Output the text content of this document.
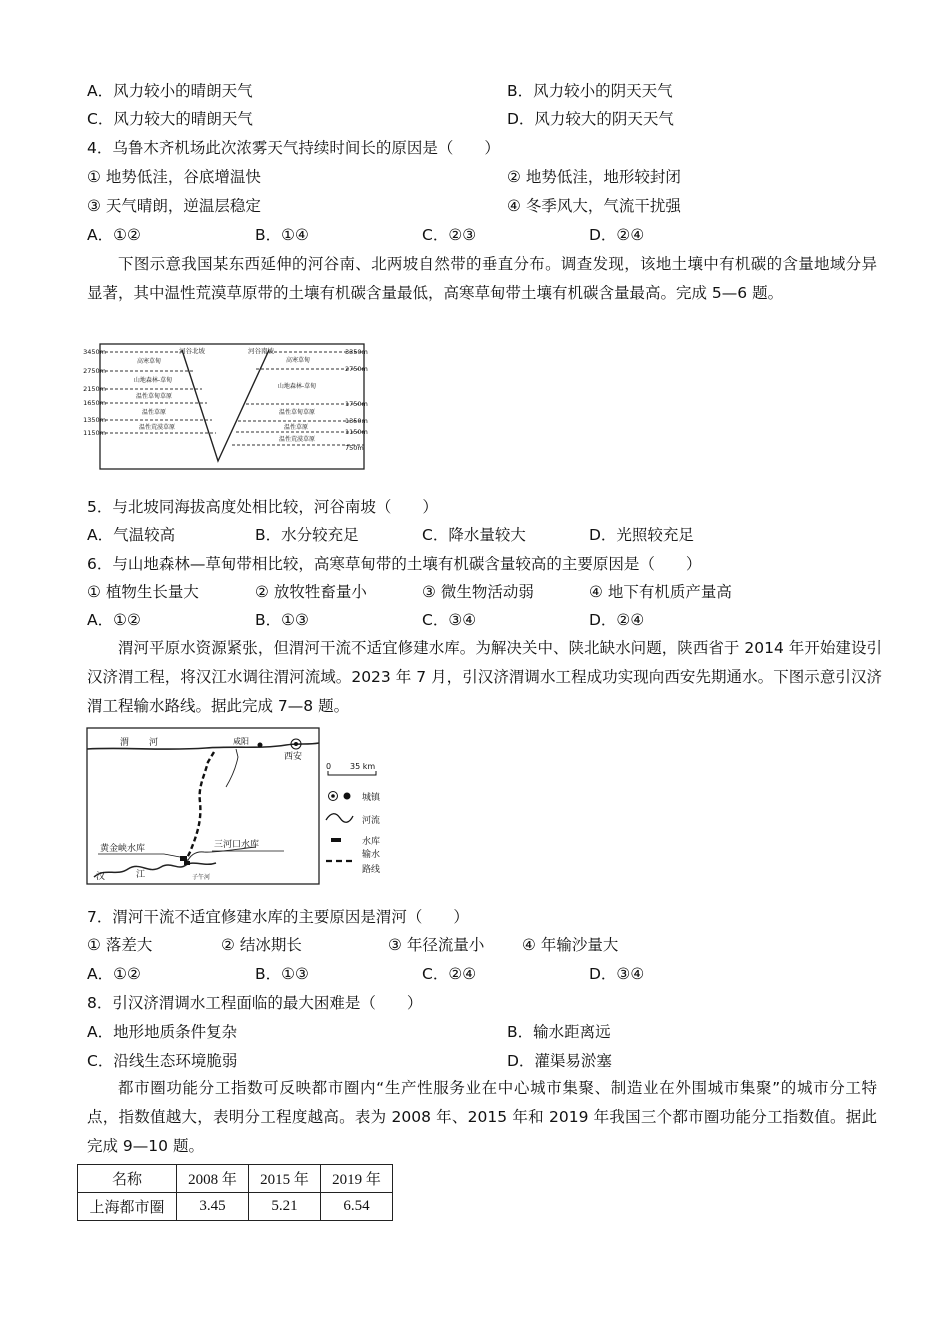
A．风力较小的晴朗天气	B．风力较小的阴天天气
C．风力较大的晴朗天气	D．风力较大的阴天天气
4．乌鲁木齐机场此次浓雾天气持续时间长的原因是（　　）
① 地势低洼，谷底增温快	② 地势低洼，地形较封闭
③ 天气晴朗，逆温层稳定	④ 冬季风大，气流干扰强
A．①②	B．①④	C．②③	D．②④
下图示意我国某东西延伸的河谷南、北两坡自然带的垂直分布。调查发现，该地土壤中有机碳的含量地域分异显著，其中温性荒漠草原带的土壤有机碳含量最低，高寒草甸带土壤有机碳含量最高。完成 5—6 题。
3450m
2750m
2150m
1650m
1350m
1150m
3350m
2750m
1750m
1350m
1150m
750m
河谷北坡	河谷南坡
高寒草甸
山地森林-草甸
温性草甸草原
温性草原
温性荒漠草原
高寒草甸
山地森林-草甸
温性草甸草原
温性草原
温性荒漠草原
5．与北坡同海拔高度处相比较，河谷南坡（　　）
A．气温较高	B．水分较充足	C．降水量较大	D．光照较充足
6．与山地森林—草甸带相比较，高寒草甸带的土壤有机碳含量较高的主要原因是（　　）
① 植物生长量大	② 放牧牲畜量小	③ 微生物活动弱	④ 地下有机质产量高
A．①②	B．①③	C．③④	D．②④
渭河平原水资源紧张，但渭河干流不适宜修建水库。为解决关中、陕北缺水问题，陕西省于 2014 年开始建设引汉济渭工程，将汉江水调往渭河流域。2023 年 7 月，引汉济渭调水工程成功实现向西安先期通水。下图示意引汉济渭工程输水路线。据此完成 7—8 题。
渭 河	咸阳
西安
黄金峡水库	三河口水库
汉	江	子午河
0 35 km
城镇
河流
水库
输水
路线
7．渭河干流不适宜修建水库的主要原因是渭河（　　）
① 落差大	② 结冰期长	③ 年径流量小 ④ 年输沙量大
A．①②	B．①③	C．②④	D．③④
8．引汉济渭调水工程面临的最大困难是（　　）
A．地形地质条件复杂	B．输水距离远
C．沿线生态环境脆弱	D．灌渠易淤塞
都市圈功能分工指数可反映都市圈内“生产性服务业在中心城市集聚、制造业在外围城市集聚”的城市分工特点，指数值越大，表明分工程度越高。表为 2008 年、2015 年和 2019 年我国三个都市圈功能分工指数值。据此完成 9—10 题。
名称	2008 年	2015 年	2019 年
上海都市圈	3.45	5.21	6.54
